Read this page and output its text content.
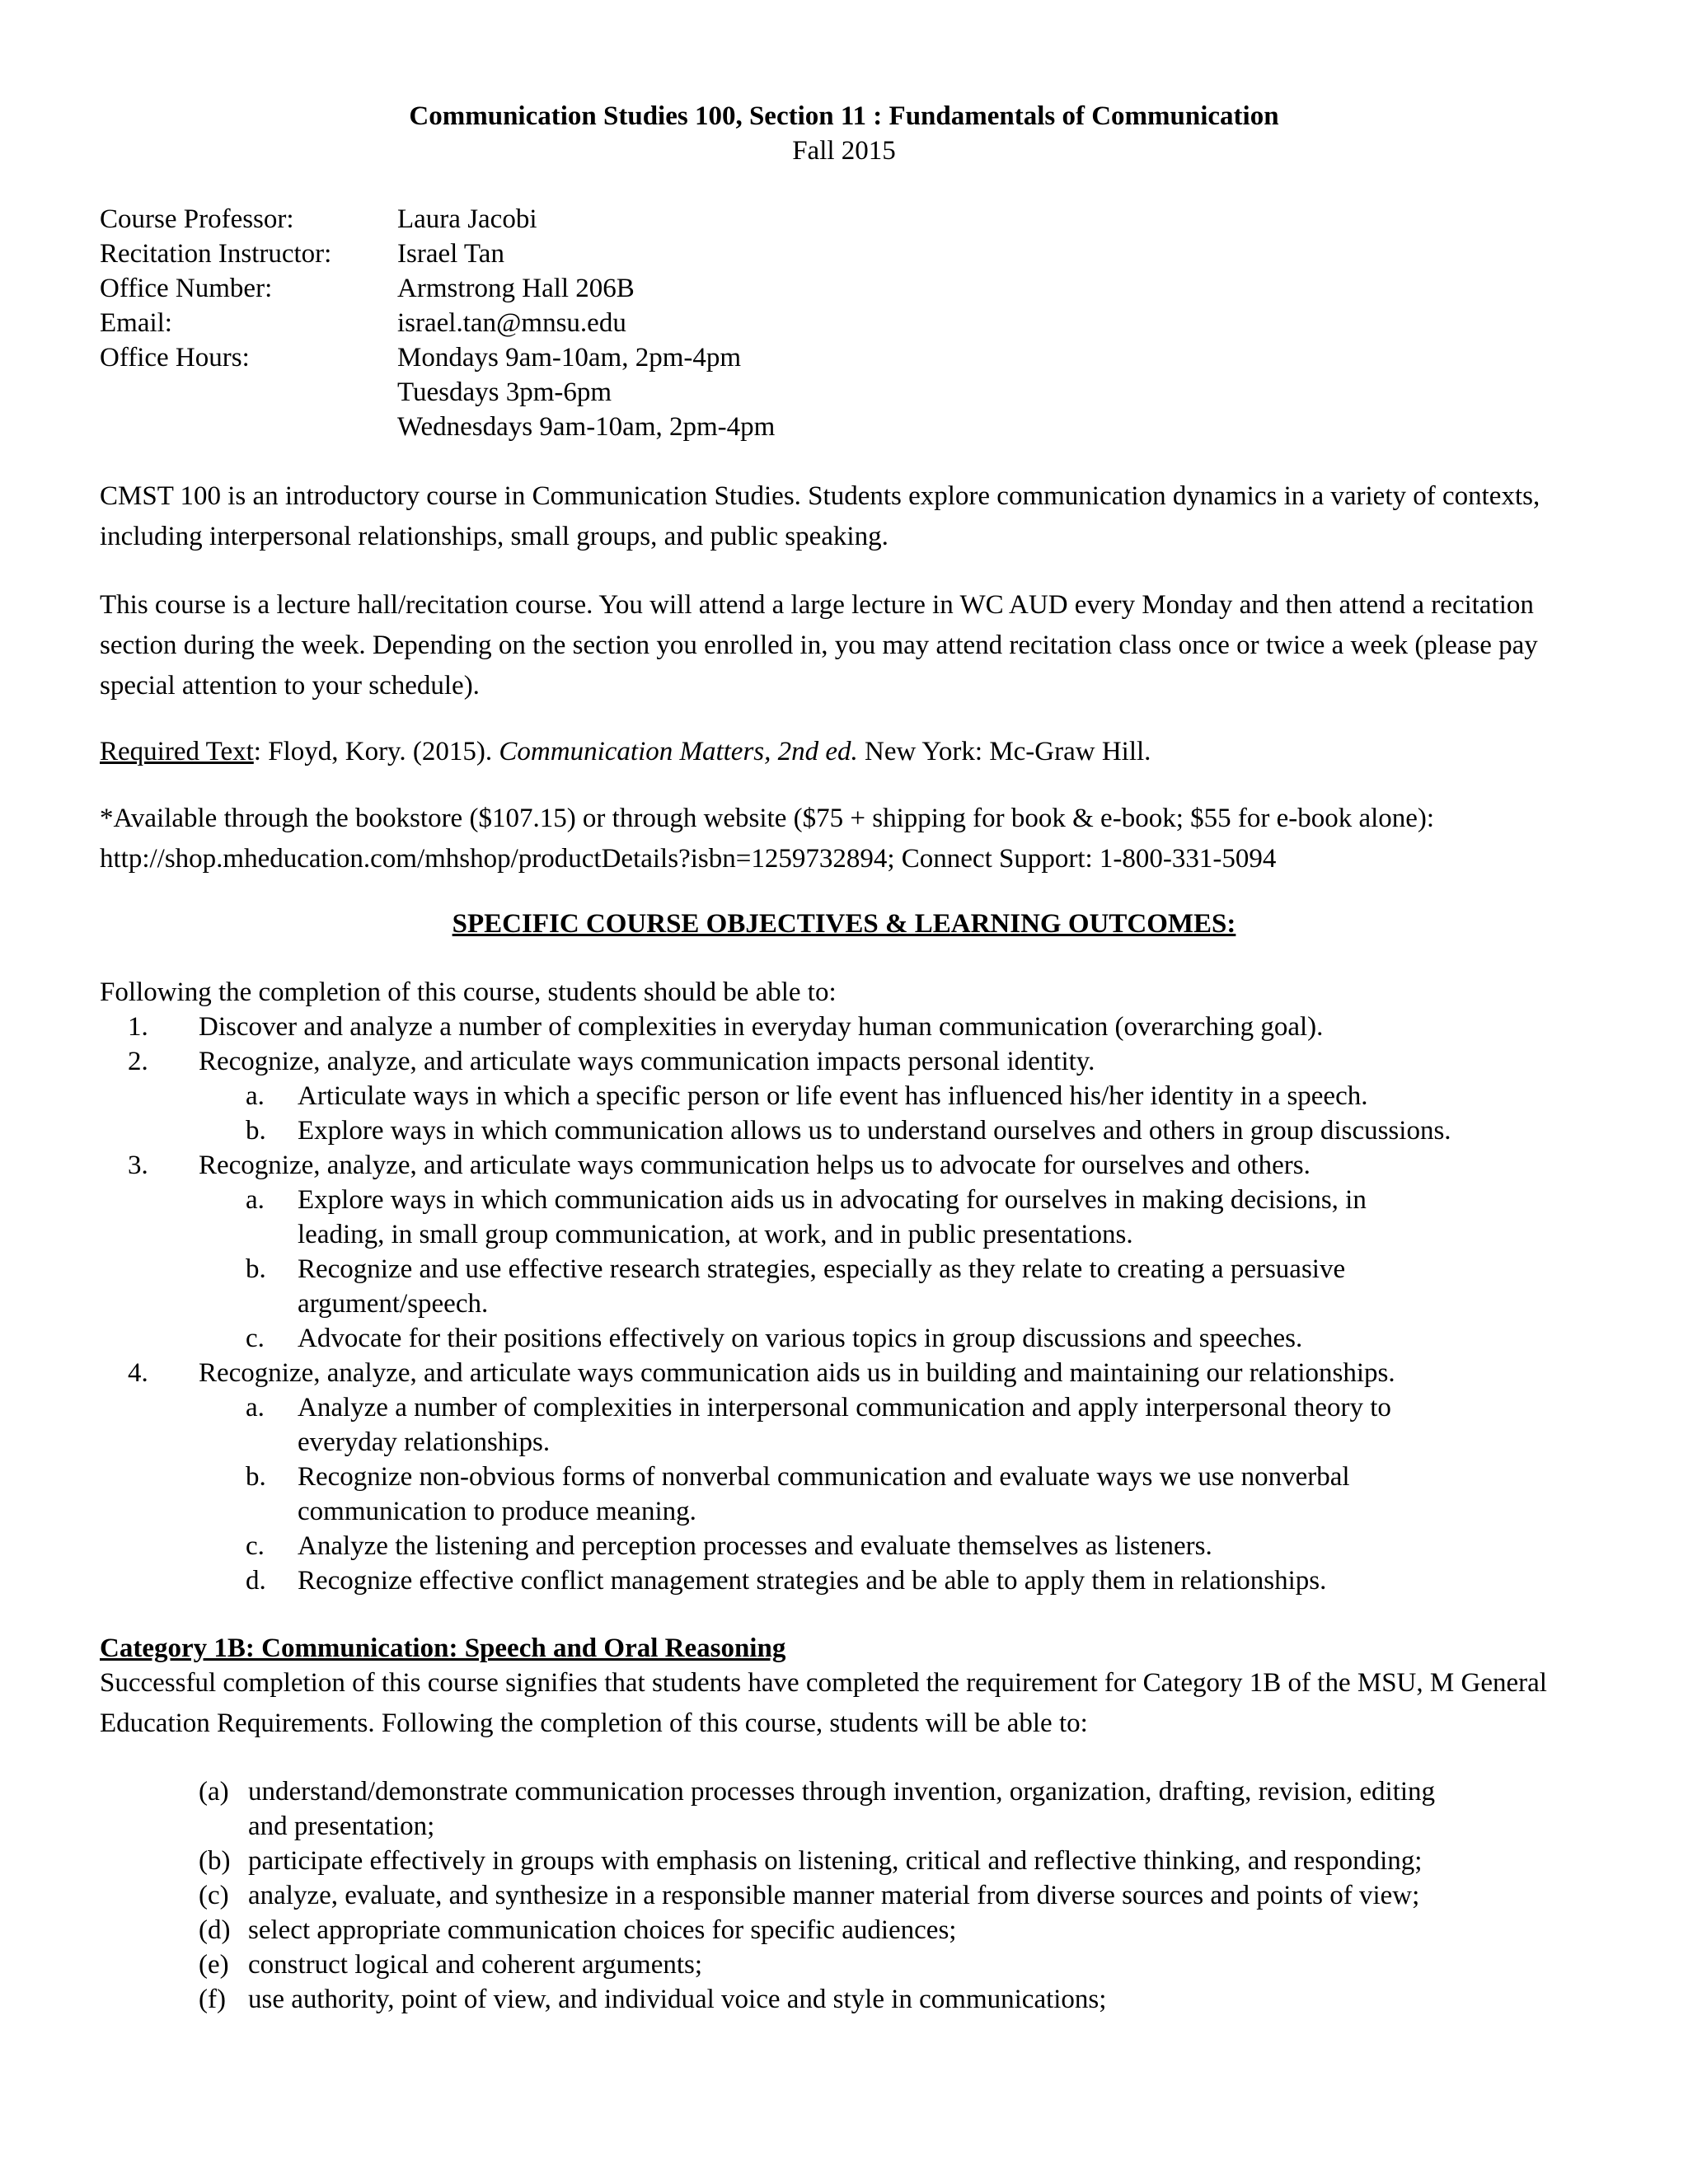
Communication Studies 100, Section 11 : Fundamentals of Communication
Fall 2015
Course Professor:	Laura Jacobi
Recitation Instructor: Israel Tan
Office Number:	Armstrong Hall 206B
Email:	israel.tan@mnsu.edu
Office Hours:	Mondays 9am-10am, 2pm-4pm
Tuesdays 3pm-6pm
Wednesdays 9am-10am, 2pm-4pm
CMST 100 is an introductory course in Communication Studies. Students explore communication dynamics in a variety of contexts, including interpersonal relationships, small groups, and public speaking.
This course is a lecture hall/recitation course. You will attend a large lecture in WC AUD every Monday and then attend a recitation section during the week. Depending on the section you enrolled in, you may attend recitation class once or twice a week (please pay special attention to your schedule).
Required Text: Floyd, Kory. (2015). Communication Matters, 2nd ed. New York: Mc-Graw Hill.
*Available through the bookstore ($107.15) or through website ($75 + shipping for book & e-book; $55 for e-book alone): http://shop.mheducation.com/mhshop/productDetails?isbn=1259732894; Connect Support: 1-800-331-5094
SPECIFIC COURSE OBJECTIVES & LEARNING OUTCOMES:
Following the completion of this course, students should be able to:
1. Discover and analyze a number of complexities in everyday human communication (overarching goal).
2. Recognize, analyze, and articulate ways communication impacts personal identity.
a. Articulate ways in which a specific person or life event has influenced his/her identity in a speech.
b. Explore ways in which communication allows us to understand ourselves and others in group discussions.
3. Recognize, analyze, and articulate ways communication helps us to advocate for ourselves and others.
a. Explore ways in which communication aids us in advocating for ourselves in making decisions, in
leading, in small group communication, at work, and in public presentations.
b. Recognize and use effective research strategies, especially as they relate to creating a persuasive
argument/speech.
c. Advocate for their positions effectively on various topics in group discussions and speeches.
4. Recognize, analyze, and articulate ways communication aids us in building and maintaining our relationships.
a. Analyze a number of complexities in interpersonal communication and apply interpersonal theory to
everyday relationships.
b. Recognize non-obvious forms of nonverbal communication and evaluate ways we use nonverbal
communication to produce meaning.
c. Analyze the listening and perception processes and evaluate themselves as listeners.
d. Recognize effective conflict management strategies and be able to apply them in relationships.
Category 1B: Communication: Speech and Oral Reasoning
Successful completion of this course signifies that students have completed the requirement for Category 1B of the MSU, M General Education Requirements. Following the completion of this course, students will be able to:
(a) understand/demonstrate communication processes through invention, organization, drafting, revision, editing
and presentation;
(b) participate effectively in groups with emphasis on listening, critical and reflective thinking, and responding;
(c) analyze, evaluate, and synthesize in a responsible manner material from diverse sources and points of view;
(d) select appropriate communication choices for specific audiences;
(e) construct logical and coherent arguments;
(f) use authority, point of view, and individual voice and style in communications;
